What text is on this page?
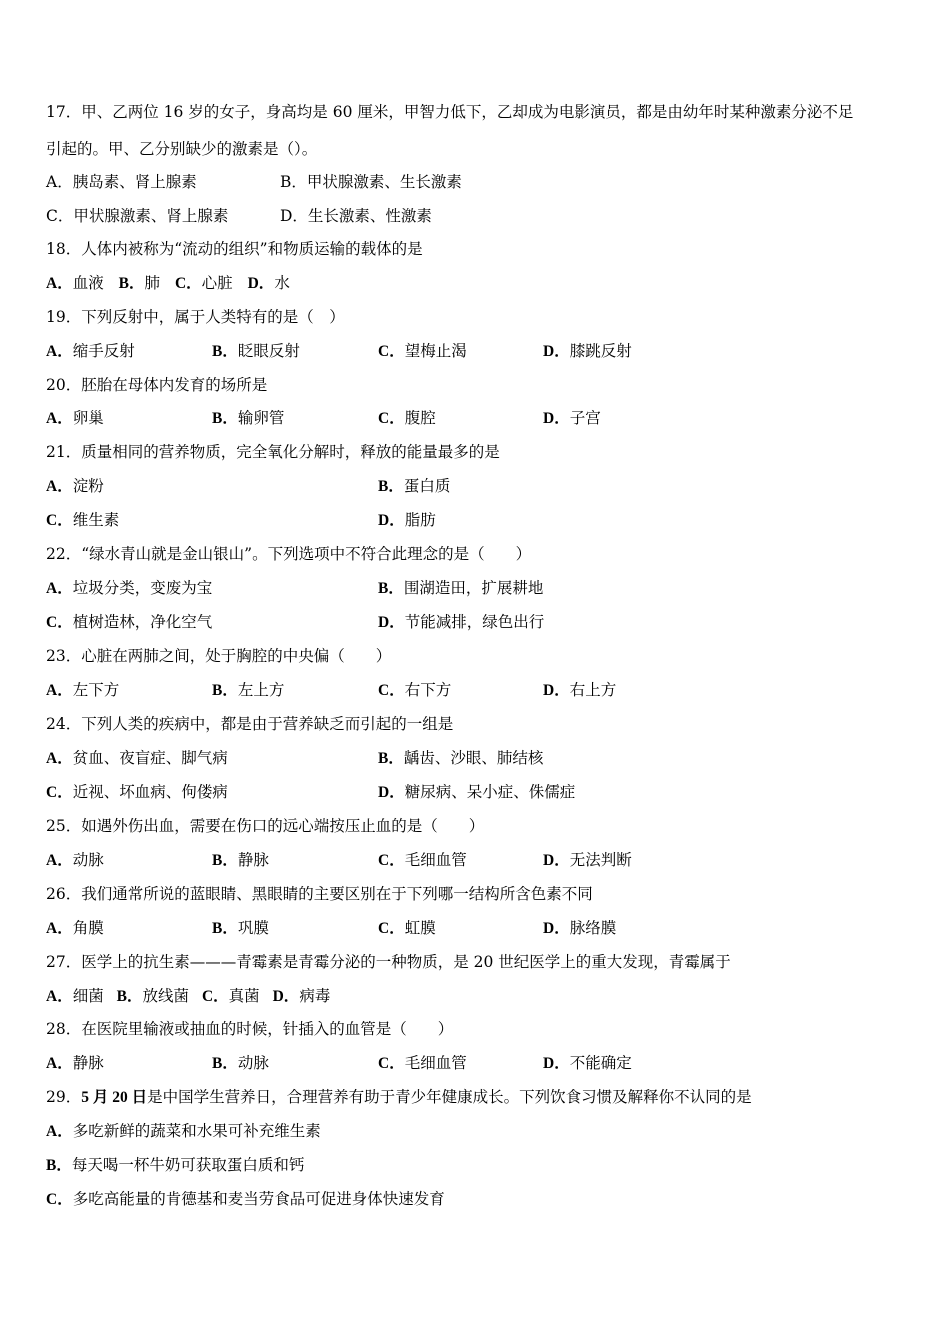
17．甲、乙两位 16 岁的女子，身高均是 60 厘米，甲智力低下，乙却成为电影演员，都是由幼年时某种激素分泌不足
引起的。甲、乙分别缺少的激素是（）。
A．胰岛素、肾上腺素	B．甲状腺激素、生长激素
C．甲状腺激素、肾上腺素	D．生长激素、性激素
18．人体内被称为“流动的组织”和物质运输的载体的是
A．血液 B．肺 C．心脏 D．水
19．下列反射中，属于人类特有的是（　）
A．缩手反射	B．眨眼反射	C．望梅止渴	D．膝跳反射
20．胚胎在母体内发育的场所是
A．卵巢	B．输卵管	C．腹腔	D．子宫
21．质量相同的营养物质，完全氧化分解时，释放的能量最多的是
A．淀粉	B．蛋白质
C．维生素	D．脂肪
22．“绿水青山就是金山银山”。下列选项中不符合此理念的是（　　）
A．垃圾分类，变废为宝	B．围湖造田，扩展耕地
C．植树造林，净化空气	D．节能减排，绿色出行
23．心脏在两肺之间，处于胸腔的中央偏（　　）
A．左下方	B．左上方	C．右下方	D．右上方
24．下列人类的疾病中，都是由于营养缺乏而引起的一组是
A．贫血、夜盲症、脚气病	B．龋齿、沙眼、肺结核
C．近视、坏血病、佝偻病	D．糖尿病、呆小症、侏儒症
25．如遇外伤出血，需要在伤口的远心端按压止血的是（　　）
A．动脉	B．静脉	C．毛细血管	D．无法判断
26．我们通常所说的蓝眼睛、黑眼睛的主要区别在于下列哪一结构所含色素不同
A．角膜	B．巩膜	C．虹膜	D．脉络膜
27．医学上的抗生素———青霉素是青霉分泌的一种物质，是 20 世纪医学上的重大发现，青霉属于
A．细菌 B．放线菌 C．真菌 D．病毒
28．在医院里输液或抽血的时候，针插入的血管是（　　）
A．静脉	B．动脉	C．毛细血管	D．不能确定
29．5 月 20 日是中国学生营养日，合理营养有助于青少年健康成长。下列饮食习惯及解释你不认同的是
A．多吃新鲜的蔬菜和水果可补充维生素
B．每天喝一杯牛奶可获取蛋白质和钙
C．多吃高能量的肯德基和麦当劳食品可促进身体快速发育
